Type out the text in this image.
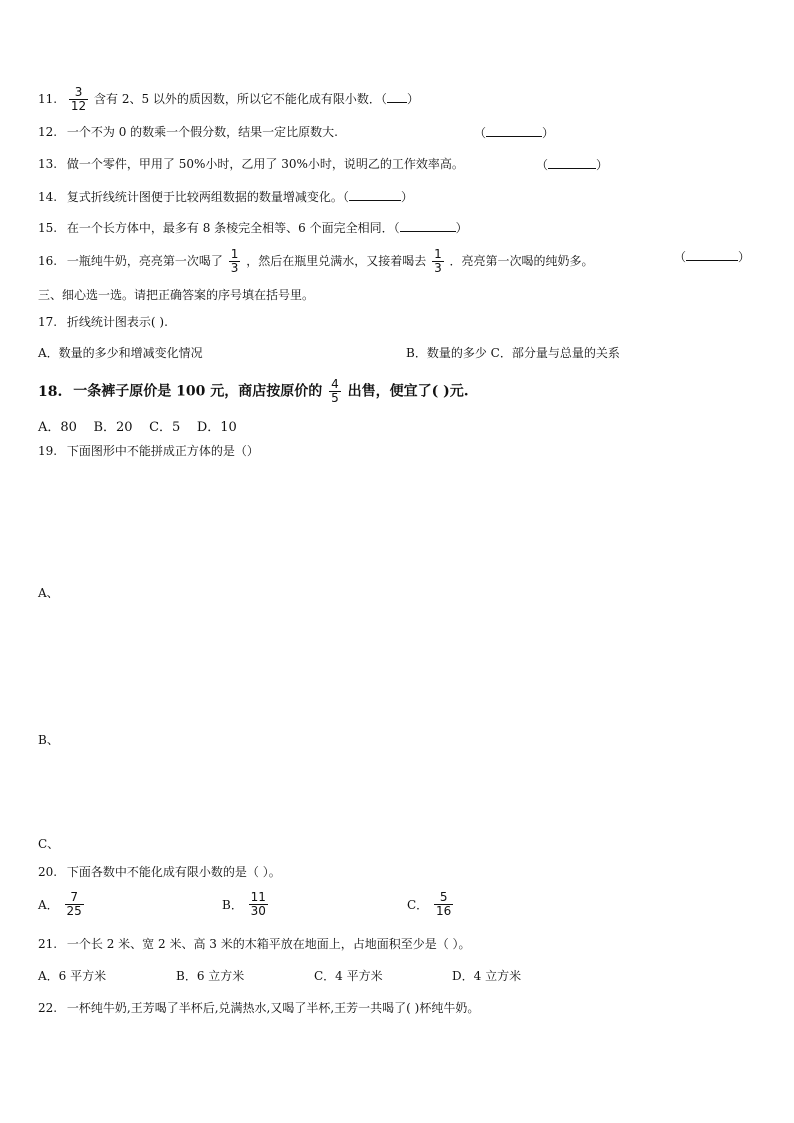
11. $\frac{3}{12}$ 含有 2、5 以外的质因数，所以它不能化成有限小数．（ ）
12. 一个不为 0 的数乘一个假分数，结果一定比原数大.	（	）
13. 做一个零件，甲用了 50%小时，乙用了 30%小时，说明乙的工作效率高。	（	）
14. 复式折线统计图便于比较两组数据的数量增减变化。（	）
15. 在一个长方体中，最多有 8 条棱完全相等、6 个面完全相同．（	）
16. 一瓶纯牛奶，亮亮第一次喝了 $\frac{1}{3}$ ，然后在瓶里兑满水，又接着喝去 $\frac{1}{3}$ ．亮亮第一次喝的纯奶多。	（	）
三、细心选一选。请把正确答案的序号填在括号里。
17. 折线统计图表示( ).
A．数量的多少和增减变化情况	B．数量的多少 C．部分量与总量的关系
18. 一条裤子原价是 100 元，商店按原价的 $\frac{4}{5}$ 出售，便宜了( )元.
A．80    B．20    C．5    D．10
19. 下面图形中不能拼成正方体的是（）
A、
B、
C、
20. 下面各数中不能化成有限小数的是（ ）。
A． $\frac{7}{25}$	B． $\frac{11}{30}$	C． $\frac{5}{16}$
21. 一个长 2 米、宽 2 米、高 3 米的木箱平放在地面上，占地面积至少是（ ）。
A．6 平方米	B．6 立方米	C．4 平方米	D．4 立方米
22. 一杯纯牛奶,王芳喝了半杯后,兑满热水,又喝了半杯,王芳一共喝了( )杯纯牛奶。
